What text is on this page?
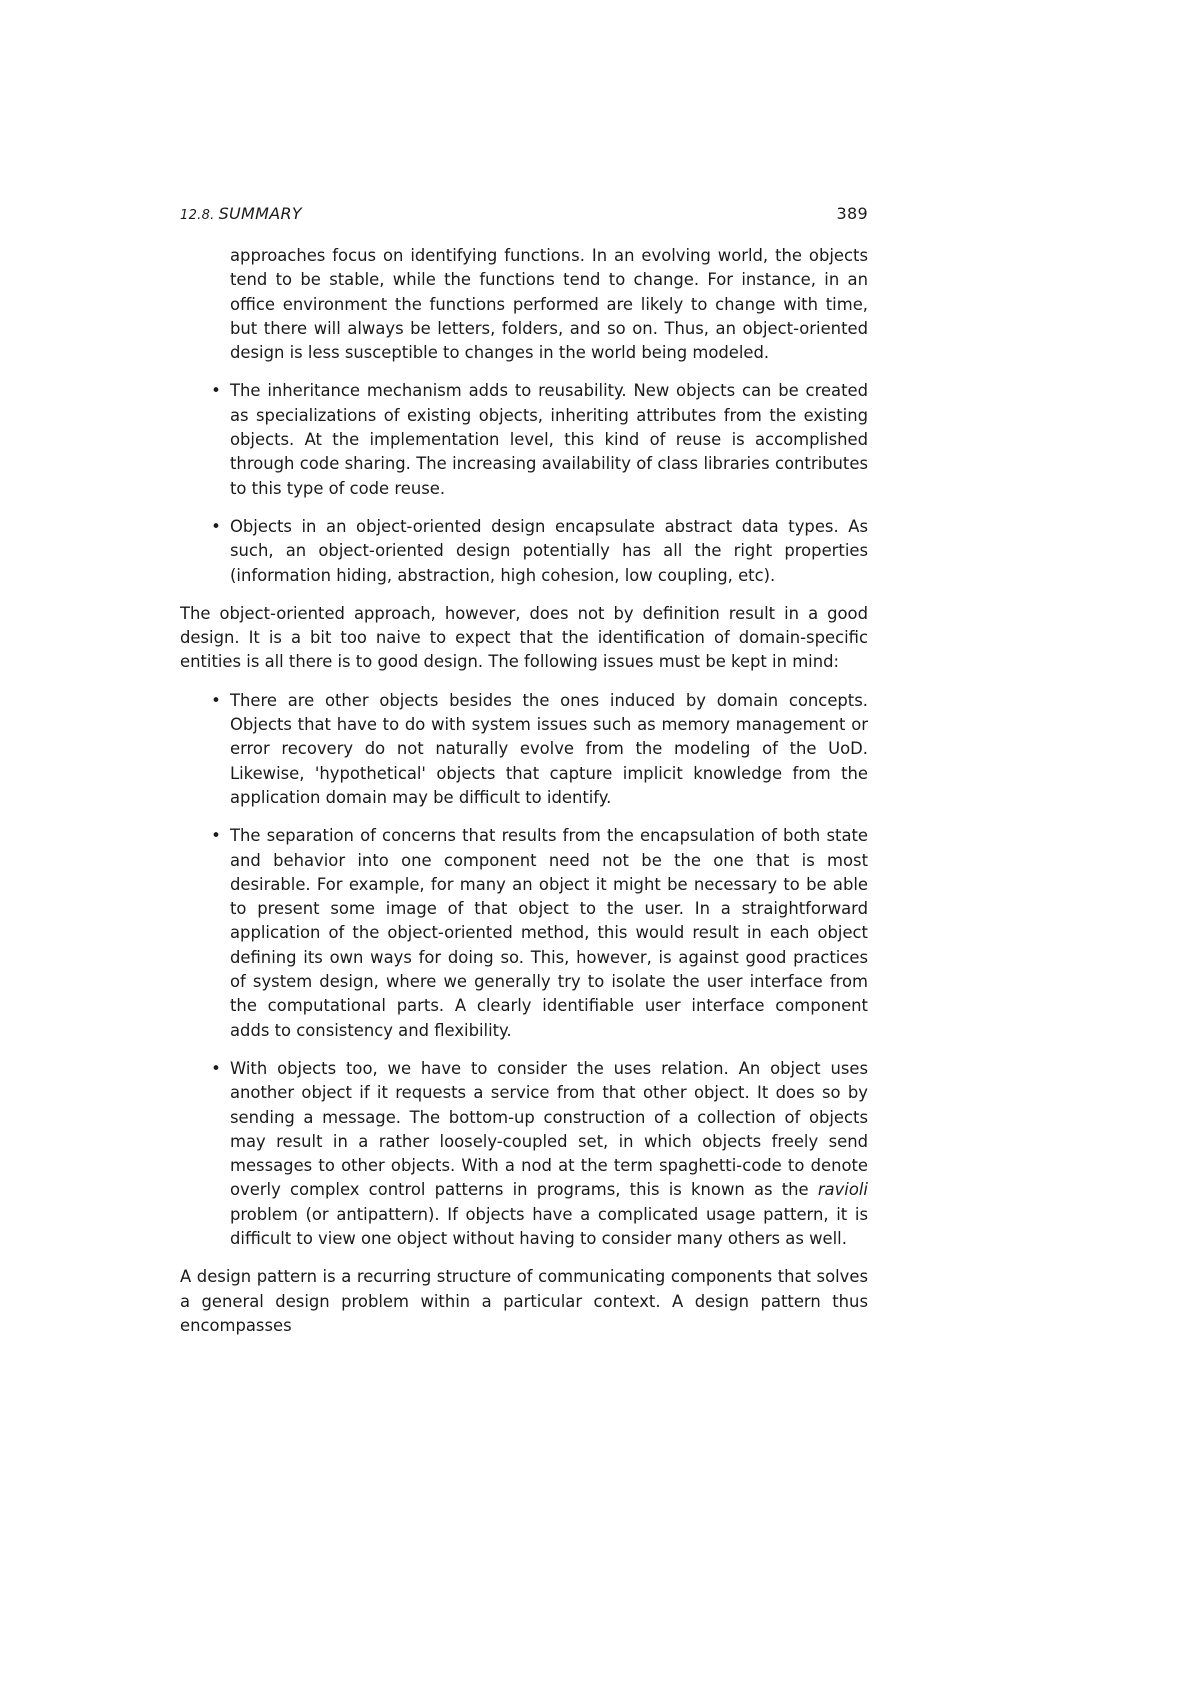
12.8. SUMMARY	389

approaches focus on identifying functions. In an evolving world, the objects tend to be stable, while the functions tend to change. For instance, in an office environment the functions performed are likely to change with time, but there will always be letters, folders, and so on. Thus, an object-oriented design is less susceptible to changes in the world being modeled.

• The inheritance mechanism adds to reusability. New objects can be created as specializations of existing objects, inheriting attributes from the existing objects. At the implementation level, this kind of reuse is accomplished through code sharing. The increasing availability of class libraries contributes to this type of code reuse.
• Objects in an object-oriented design encapsulate abstract data types. As such, an object-oriented design potentially has all the right properties (information hiding, abstraction, high cohesion, low coupling, etc).

The object-oriented approach, however, does not by definition result in a good design. It is a bit too naive to expect that the identification of domain-specific entities is all there is to good design. The following issues must be kept in mind:

• There are other objects besides the ones induced by domain concepts. Objects that have to do with system issues such as memory management or error recovery do not naturally evolve from the modeling of the UoD. Likewise, 'hypothetical' objects that capture implicit knowledge from the application domain may be difficult to identify.
• The separation of concerns that results from the encapsulation of both state and behavior into one component need not be the one that is most desirable. For example, for many an object it might be necessary to be able to present some image of that object to the user. In a straightforward application of the object-oriented method, this would result in each object defining its own ways for doing so. This, however, is against good practices of system design, where we generally try to isolate the user interface from the computational parts. A clearly identifiable user interface component adds to consistency and flexibility.
• With objects too, we have to consider the uses relation. An object uses another object if it requests a service from that other object. It does so by sending a message. The bottom-up construction of a collection of objects may result in a rather loosely-coupled set, in which objects freely send messages to other objects. With a nod at the term spaghetti-code to denote overly complex control patterns in programs, this is known as the ravioli problem (or antipattern). If objects have a complicated usage pattern, it is difficult to view one object without having to consider many others as well.

A design pattern is a recurring structure of communicating components that solves a general design problem within a particular context. A design pattern thus encompasses
